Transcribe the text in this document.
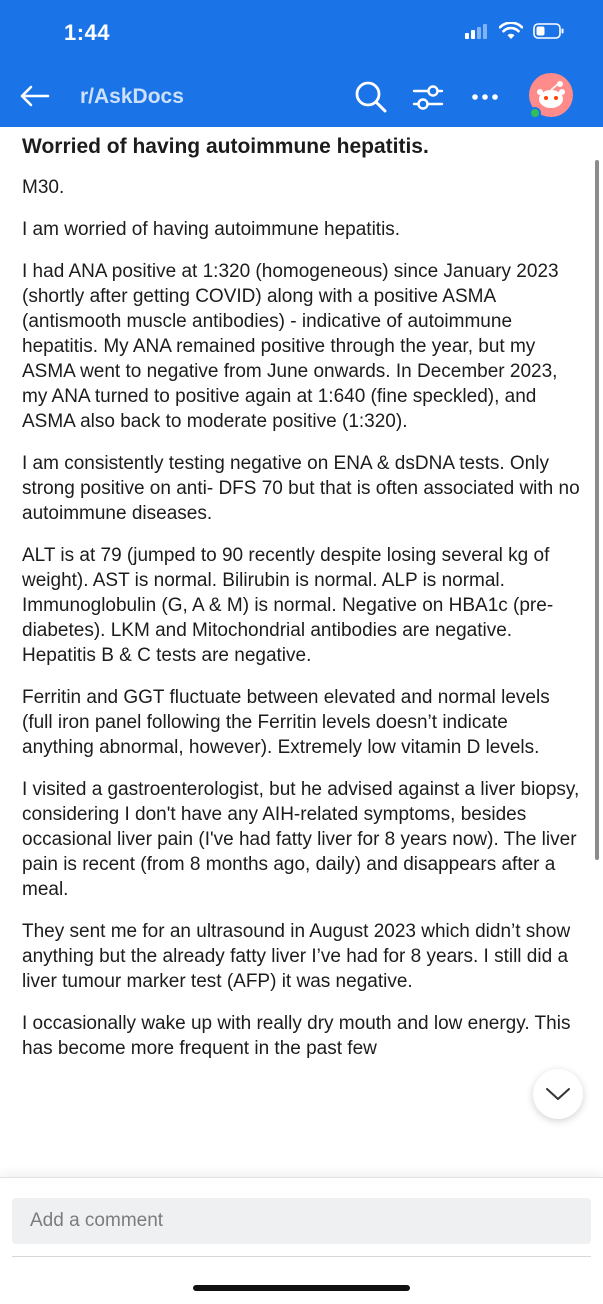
1:44
r/AskDocs
Worried of having autoimmune hepatitis.

M30.

I am worried of having autoimmune hepatitis.

I had ANA positive at 1:320 (homogeneous) since January 2023 (shortly after getting COVID) along with a positive ASMA (antismooth muscle antibodies) - indicative of autoimmune hepatitis. My ANA remained positive through the year, but my ASMA went to negative from June onwards. In December 2023, my ANA turned to positive again at 1:640 (fine speckled), and ASMA also back to moderate positive (1:320).

I am consistently testing negative on ENA & dsDNA tests. Only strong positive on anti- DFS 70 but that is often associated with no autoimmune diseases.

ALT is at 79 (jumped to 90 recently despite losing several kg of weight). AST is normal. Bilirubin is normal. ALP is normal. Immunoglobulin (G, A & M) is normal. Negative on HBA1c (pre-diabetes). LKM and Mitochondrial antibodies are negative. Hepatitis B & C tests are negative.

Ferritin and GGT fluctuate between elevated and normal levels (full iron panel following the Ferritin levels doesn’t indicate anything abnormal, however). Extremely low vitamin D levels.

I visited a gastroenterologist, but he advised against a liver biopsy, considering I don't have any AIH-related symptoms, besides occasional liver pain (I've had fatty liver for 8 years now). The liver pain is recent (from 8 months ago, daily) and disappears after a meal.

They sent me for an ultrasound in August 2023 which didn’t show anything but the already fatty liver I’ve had for 8 years. I still did a liver tumour marker test (AFP) it was negative.

I occasionally wake up with really dry mouth and low energy. This has become more frequent in the past few

Add a comment
